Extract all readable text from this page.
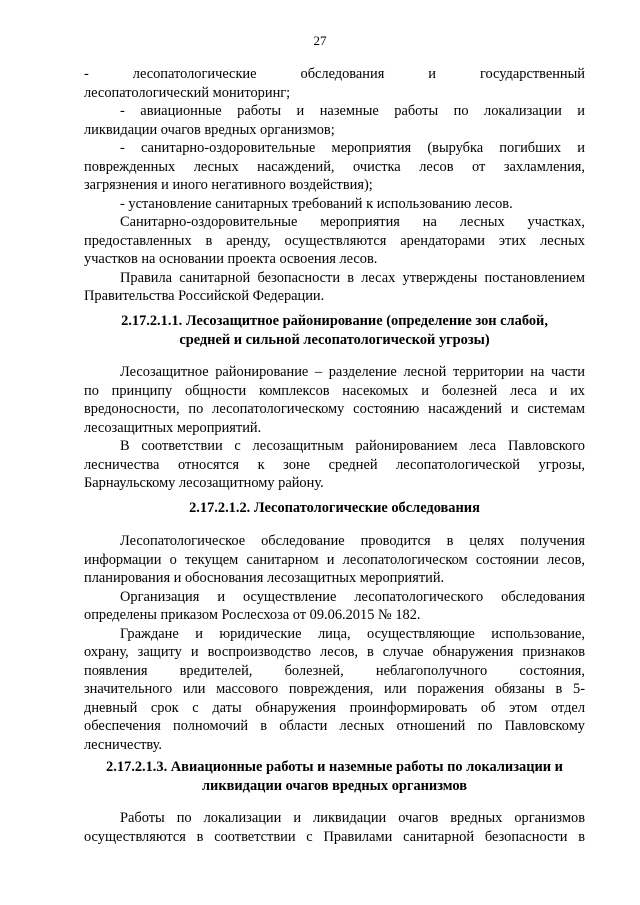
27
- лесопатологические обследования и государственный
лесопатологический мониторинг;
- авиационные работы и наземные работы по локализации и
ликвидации очагов вредных организмов;
- санитарно-оздоровительные мероприятия (вырубка погибших и
поврежденных лесных насаждений, очистка лесов от захламления,
загрязнения и иного негативного воздействия);
- установление санитарных требований к использованию лесов.
Санитарно-оздоровительные мероприятия на лесных участках,
предоставленных в аренду, осуществляются арендаторами этих лесных
участков на основании проекта освоения лесов.
Правила санитарной безопасности в лесах утверждены постановлением
Правительства Российской Федерации.
2.17.2.1.1. Лесозащитное районирование (определение зон слабой,
средней и сильной лесопатологической угрозы)
Лесозащитное районирование – разделение лесной территории на части
по принципу общности комплексов насекомых и болезней леса и их
вредоносности, по лесопатологическому состоянию насаждений и системам
лесозащитных мероприятий.
В соответствии с лесозащитным районированием леса Павловского
лесничества относятся к зоне средней лесопатологической угрозы,
Барнаульскому лесозащитному району.
2.17.2.1.2. Лесопатологические обследования
Лесопатологическое обследование проводится в целях получения
информации о текущем санитарном и лесопатологическом состоянии лесов,
планирования и обоснования лесозащитных мероприятий.
Организация и осуществление лесопатологического обследования
определены приказом Рослесхоза от 09.06.2015 № 182.
Граждане и юридические лица, осуществляющие использование,
охрану, защиту и воспроизводство лесов, в случае обнаружения признаков
появления вредителей, болезней, неблагополучного состояния,
значительного или массового повреждения, или поражения обязаны в 5-
дневный срок с даты обнаружения проинформировать об этом отдел
обеспечения полномочий в области лесных отношений по Павловскому
лесничеству.
2.17.2.1.3. Авиационные работы и наземные работы по локализации и
ликвидации очагов вредных организмов
Работы по локализации и ликвидации очагов вредных организмов
осуществляются в соответствии с Правилами санитарной безопасности в
